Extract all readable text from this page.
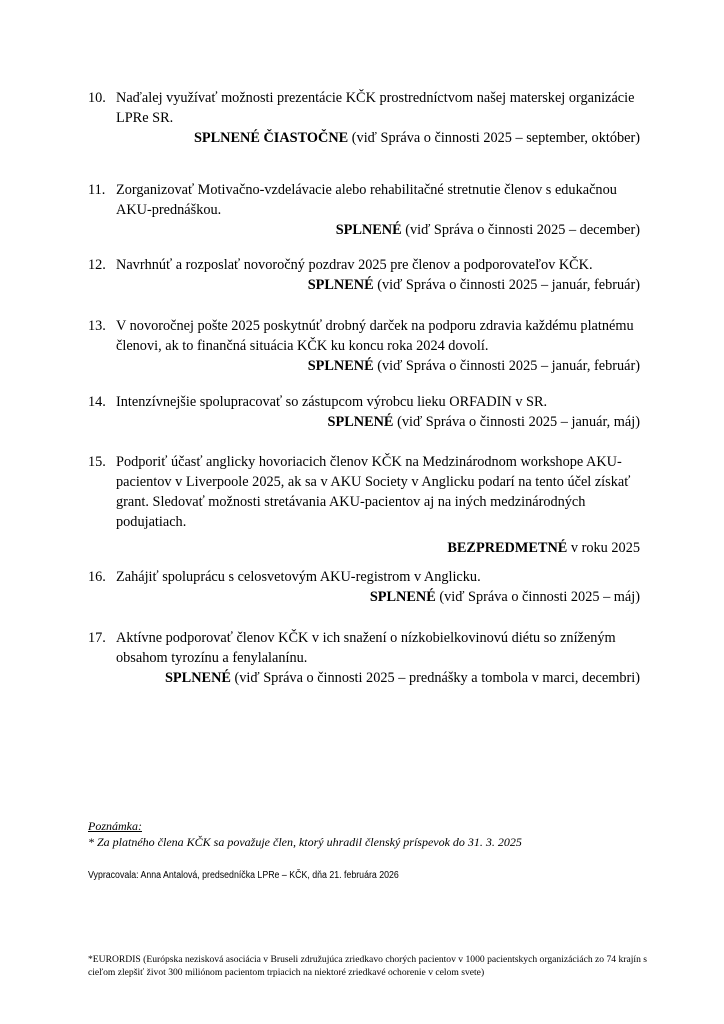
10. Naďalej využívať možnosti prezentácie KČK prostredníctvom našej materskej organizácie LPRe SR.
SPLNENÉ ČIASTOČNE (viď Správa o činnosti 2025 – september, október)
11. Zorganizovať Motivačno-vzdelávacie alebo rehabilitačné stretnutie členov s edukačnou AKU-prednáškou.
SPLNENÉ (viď Správa o činnosti 2025 – december)
12. Navrhnúť a rozposlať novoročný pozdrav 2025 pre členov a podporovateľov KČK.
SPLNENÉ (viď Správa o činnosti 2025 – január, február)
13. V novoročnej pošte 2025 poskytnúť drobný darček na podporu zdravia každému platnému členovi, ak to finančná situácia KČK ku koncu roka 2024 dovolí.
SPLNENÉ (viď Správa o činnosti 2025 – január, február)
14. Intenzívnejšie spolupracovať so zástupcom výrobcu lieku ORFADIN v SR.
SPLNENÉ (viď Správa o činnosti 2025 – január, máj)
15. Podporiť účasť anglicky hovoriacich členov KČK na Medzinárodnom workshope AKU-pacientov v Liverpoole 2025, ak sa v AKU Society v Anglicku podarí na tento účel získať grant. Sledovať možnosti stretávania AKU-pacientov aj na iných medzinárodných podujatiach.
BEZPREDMETNÉ v roku 2025
16. Zahájiť spoluprácu s celosvetovým AKU-registrom v Anglicku.
SPLNENÉ (viď Správa o činnosti 2025 – máj)
17. Aktívne podporovať členov KČK v ich snažení o nízkobielkovinovú diétu so zníženým obsahom tyrozínu a fenylalanínu.
SPLNENÉ (viď Správa o činnosti 2025 – prednášky a tombola v marci, decembri)
Poznámka:
* Za platného člena KČK sa považuje člen, ktorý uhradil členský príspevok do 31. 3. 2025
Vypracovala: Anna Antalová, predsedníčka LPRe – KČK, dňa 21. februára 2026
*EURORDIS (Európska nezisková asociácia v Bruseli združujúca zriedkavo chorých pacientov v 1000 pacientskych organizáciách zo 74 krajín s cieľom zlepšiť život 300 miliónom pacientom trpiacich na niektoré zriedkavé ochorenie v celom svete)
